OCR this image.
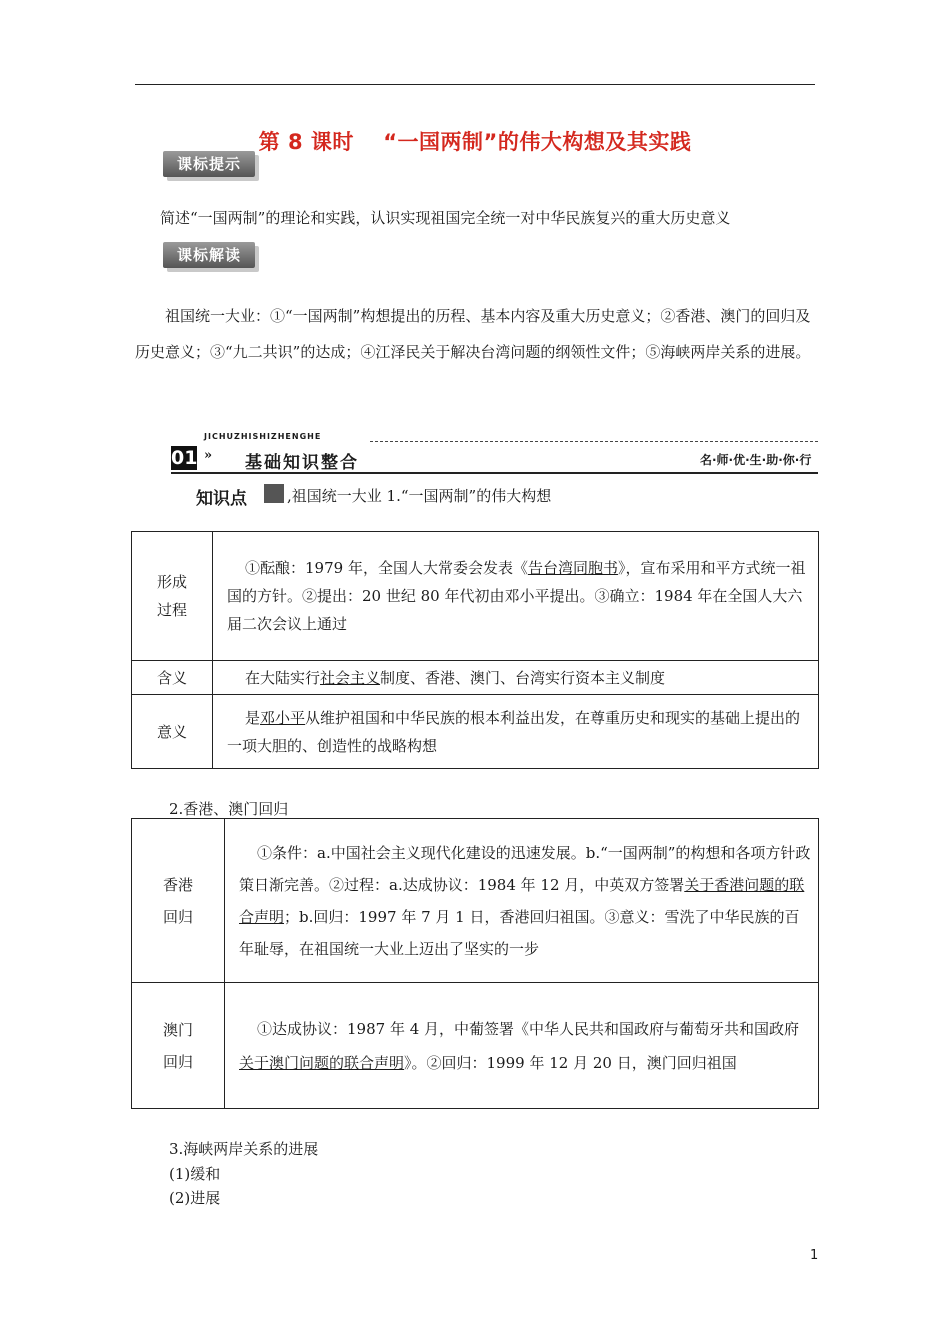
第 8 课时　 “一国两制”的伟大构想及其实践
课标提示
简述“一国两制”的理论和实践，认识实现祖国完全统一对中华民族复兴的重大历史意义
课标解读
祖国统一大业：①“一国两制”构想提出的历程、基本内容及重大历史意义；②香港、澳门的回归及历史意义；③“九二共识”的达成；④江泽民关于解决台湾问题的纲领性文件；⑤海峡两岸关系的进展。
JICHUZHISHIZHENGHE
01 » 基础知识整合	名·师·优·生·助·你·行
知识点	,祖国统一大业 1.“一国两制”的伟大构想
形成
过程	①酝酿：1979 年，全国人大常委会发表《告台湾同胞书》，宣布采用和平方式统一祖国的方针。②提出：20 世纪 80 年代初由邓小平提出。③确立：1984 年在全国人大六届二次会议上通过
含义	在大陆实行社会主义制度、香港、澳门、台湾实行资本主义制度
意义	是邓小平从维护祖国和中华民族的根本利益出发，在尊重历史和现实的基础上提出的一项大胆的、创造性的战略构想
2.香港、澳门回归
香港
回归	①条件：a.中国社会主义现代化建设的迅速发展。b.“一国两制”的构想和各项方针政策日渐完善。②过程：a.达成协议：1984 年 12 月，中英双方签署关于香港问题的联合声明；b.回归：1997 年 7 月 1 日，香港回归祖国。③意义：雪洗了中华民族的百年耻辱，在祖国统一大业上迈出了坚实的一步
澳门
回归	①达成协议：1987 年 4 月，中葡签署《中华人民共和国政府与葡萄牙共和国政府关于澳门问题的联合声明》。②回归：1999 年 12 月 20 日，澳门回归祖国
3.海峡两岸关系的进展
(1)缓和
(2)进展
1
